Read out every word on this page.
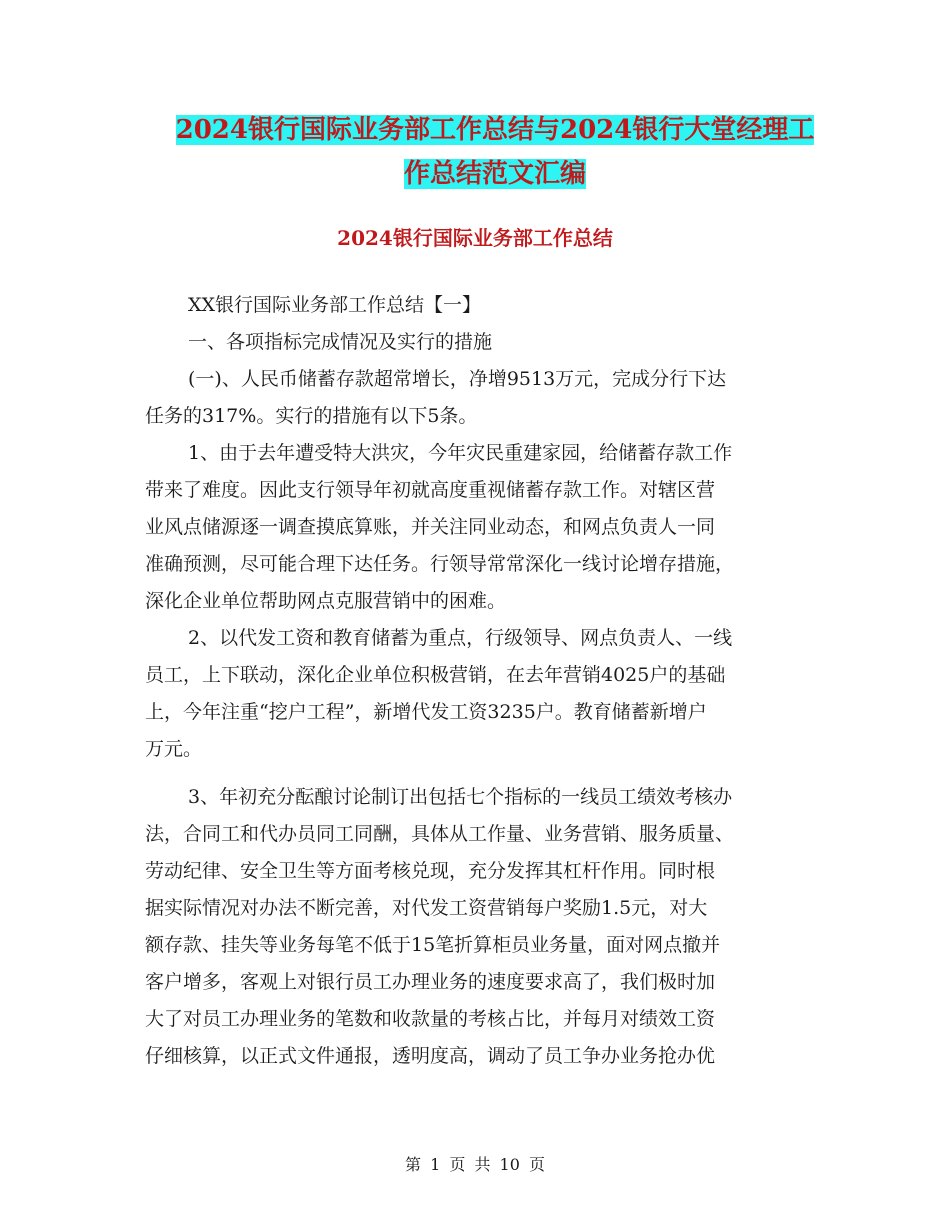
2024银行国际业务部工作总结与2024银行大堂经理工
作总结范文汇编
2024银行国际业务部工作总结
XX银行国际业务部工作总结【一】
一、各项指标完成情况及实行的措施
(一)、人民币储蓄存款超常增长，净增9513万元，完成分行下达
任务的317%。实行的措施有以下5条。
1、由于去年遭受特大洪灾，今年灾民重建家园，给储蓄存款工作
带来了难度。因此支行领导年初就高度重视储蓄存款工作。对辖区营
业风点储源逐一调查摸底算账，并关注同业动态，和网点负责人一同
准确预测，尽可能合理下达任务。行领导常常深化一线讨论增存措施，
深化企业单位帮助网点克服营销中的困难。
2、以代发工资和教育储蓄为重点，行级领导、网点负责人、一线
员工，上下联动，深化企业单位积极营销，在去年营销4025户的基础
上，今年注重“挖户工程”，新增代发工资3235户。教育储蓄新增户
万元。
3、年初充分酝酿讨论制订出包括七个指标的一线员工绩效考核办
法，合同工和代办员同工同酬，具体从工作量、业务营销、服务质量、
劳动纪律、安全卫生等方面考核兑现，充分发挥其杠杆作用。同时根
据实际情况对办法不断完善，对代发工资营销每户奖励1.5元，对大
额存款、挂失等业务每笔不低于15笔折算柜员业务量，面对网点撤并
客户增多，客观上对银行员工办理业务的速度要求高了，我们极时加
大了对员工办理业务的笔数和收款量的考核占比，并每月对绩效工资
仔细核算，以正式文件通报，透明度高，调动了员工争办业务抢办优
第 1 页 共 10 页
